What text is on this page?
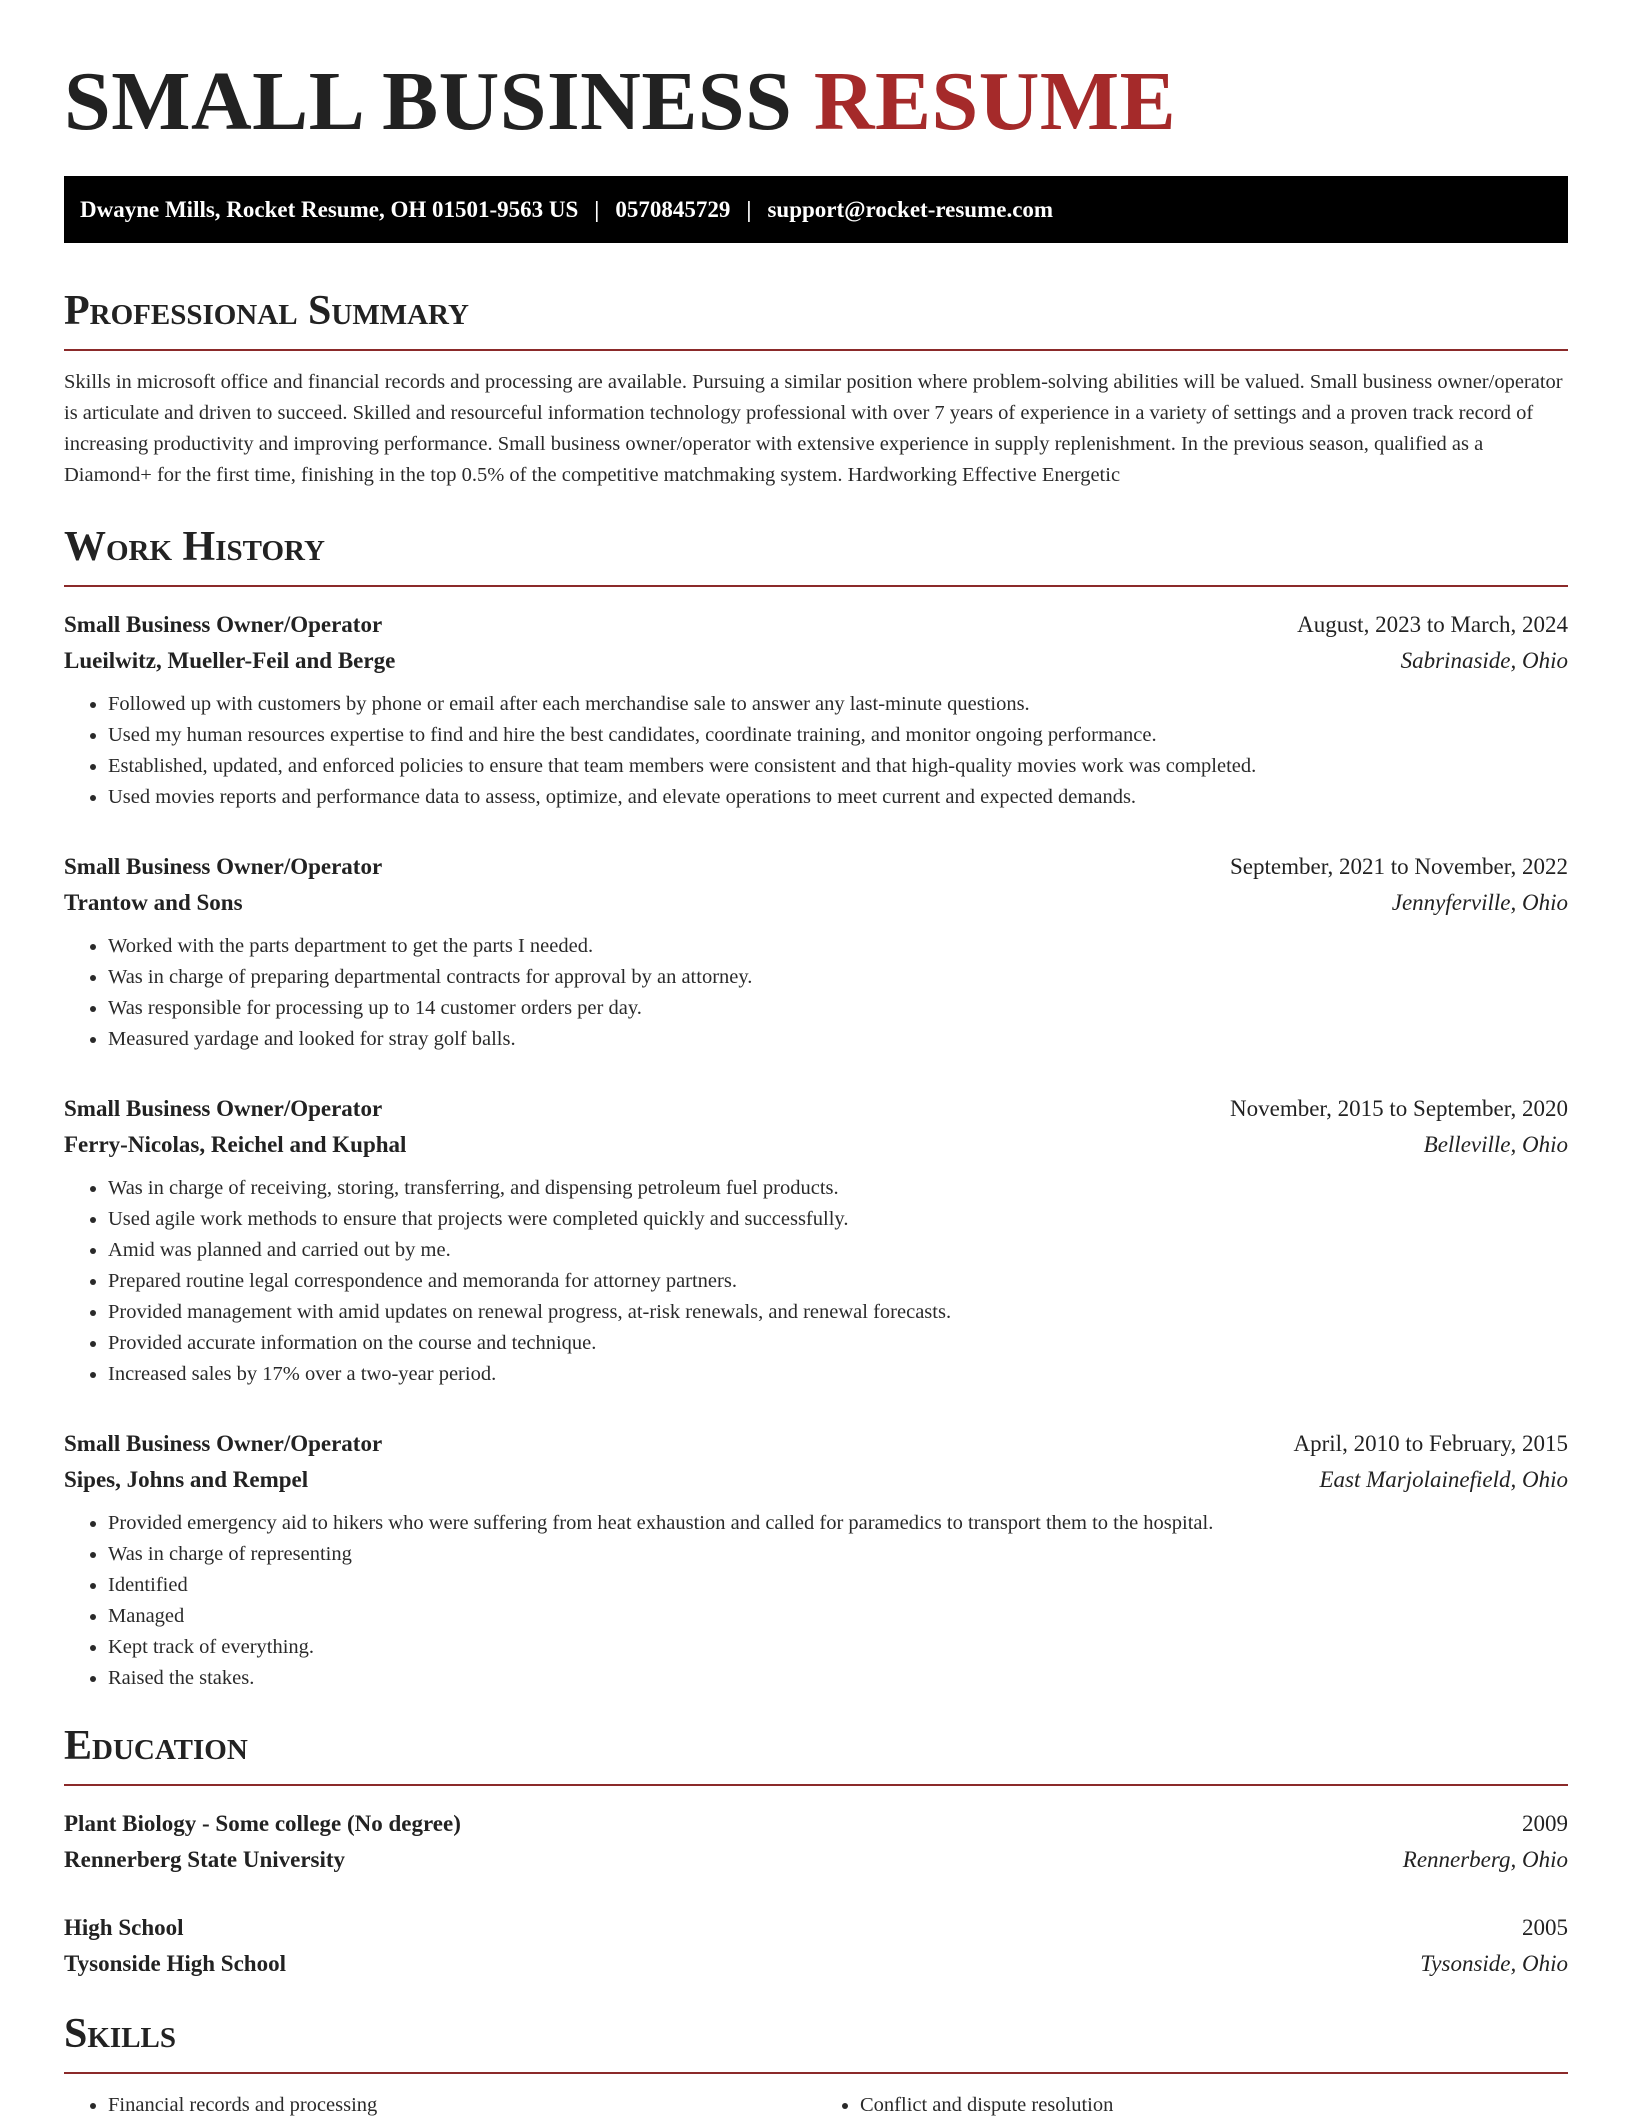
SMALL BUSINESS RESUME
Dwayne Mills, Rocket Resume, OH 01501-9563 US | 0570845729 | support@rocket-resume.com
Professional Summary

Skills in microsoft office and financial records and processing are available. Pursuing a similar position where problem-solving abilities will be valued. Small business owner/operator is articulate and driven to succeed. Skilled and resourceful information technology professional with over 7 years of experience in a variety of settings and a proven track record of increasing productivity and improving performance. Small business owner/operator with extensive experience in supply replenishment. In the previous season, qualified as a Diamond+ for the first time, finishing in the top 0.5% of the competitive matchmaking system. Hardworking Effective Energetic

Work History
Small Business Owner/Operator	August, 2023 to March, 2024
Lueilwitz, Mueller-Feil and Berge	Sabrinaside, Ohio
• Followed up with customers by phone or email after each merchandise sale to answer any last-minute questions.
• Used my human resources expertise to find and hire the best candidates, coordinate training, and monitor ongoing performance.
• Established, updated, and enforced policies to ensure that team members were consistent and that high-quality movies work was completed.
• Used movies reports and performance data to assess, optimize, and elevate operations to meet current and expected demands.
Small Business Owner/Operator	September, 2021 to November, 2022
Trantow and Sons	Jennyferville, Ohio
• Worked with the parts department to get the parts I needed.
• Was in charge of preparing departmental contracts for approval by an attorney.
• Was responsible for processing up to 14 customer orders per day.
• Measured yardage and looked for stray golf balls.
Small Business Owner/Operator	November, 2015 to September, 2020
Ferry-Nicolas, Reichel and Kuphal	Belleville, Ohio
• Was in charge of receiving, storing, transferring, and dispensing petroleum fuel products.
• Used agile work methods to ensure that projects were completed quickly and successfully.
• Amid was planned and carried out by me.
• Prepared routine legal correspondence and memoranda for attorney partners.
• Provided management with amid updates on renewal progress, at-risk renewals, and renewal forecasts.
• Provided accurate information on the course and technique.
• Increased sales by 17% over a two-year period.
Small Business Owner/Operator	April, 2010 to February, 2015
Sipes, Johns and Rempel	East Marjolainefield, Ohio
• Provided emergency aid to hikers who were suffering from heat exhaustion and called for paramedics to transport them to the hospital.
• Was in charge of representing
• Identified
• Managed
• Kept track of everything.
• Raised the stakes.
Education
Plant Biology - Some college (No degree)	2009
Rennerberg State University	Rennerberg, Ohio
High School	2005
Tysonside High School	Tysonside, Ohio
Skills
• Financial records and processing
•	Conflict and dispute resolution
